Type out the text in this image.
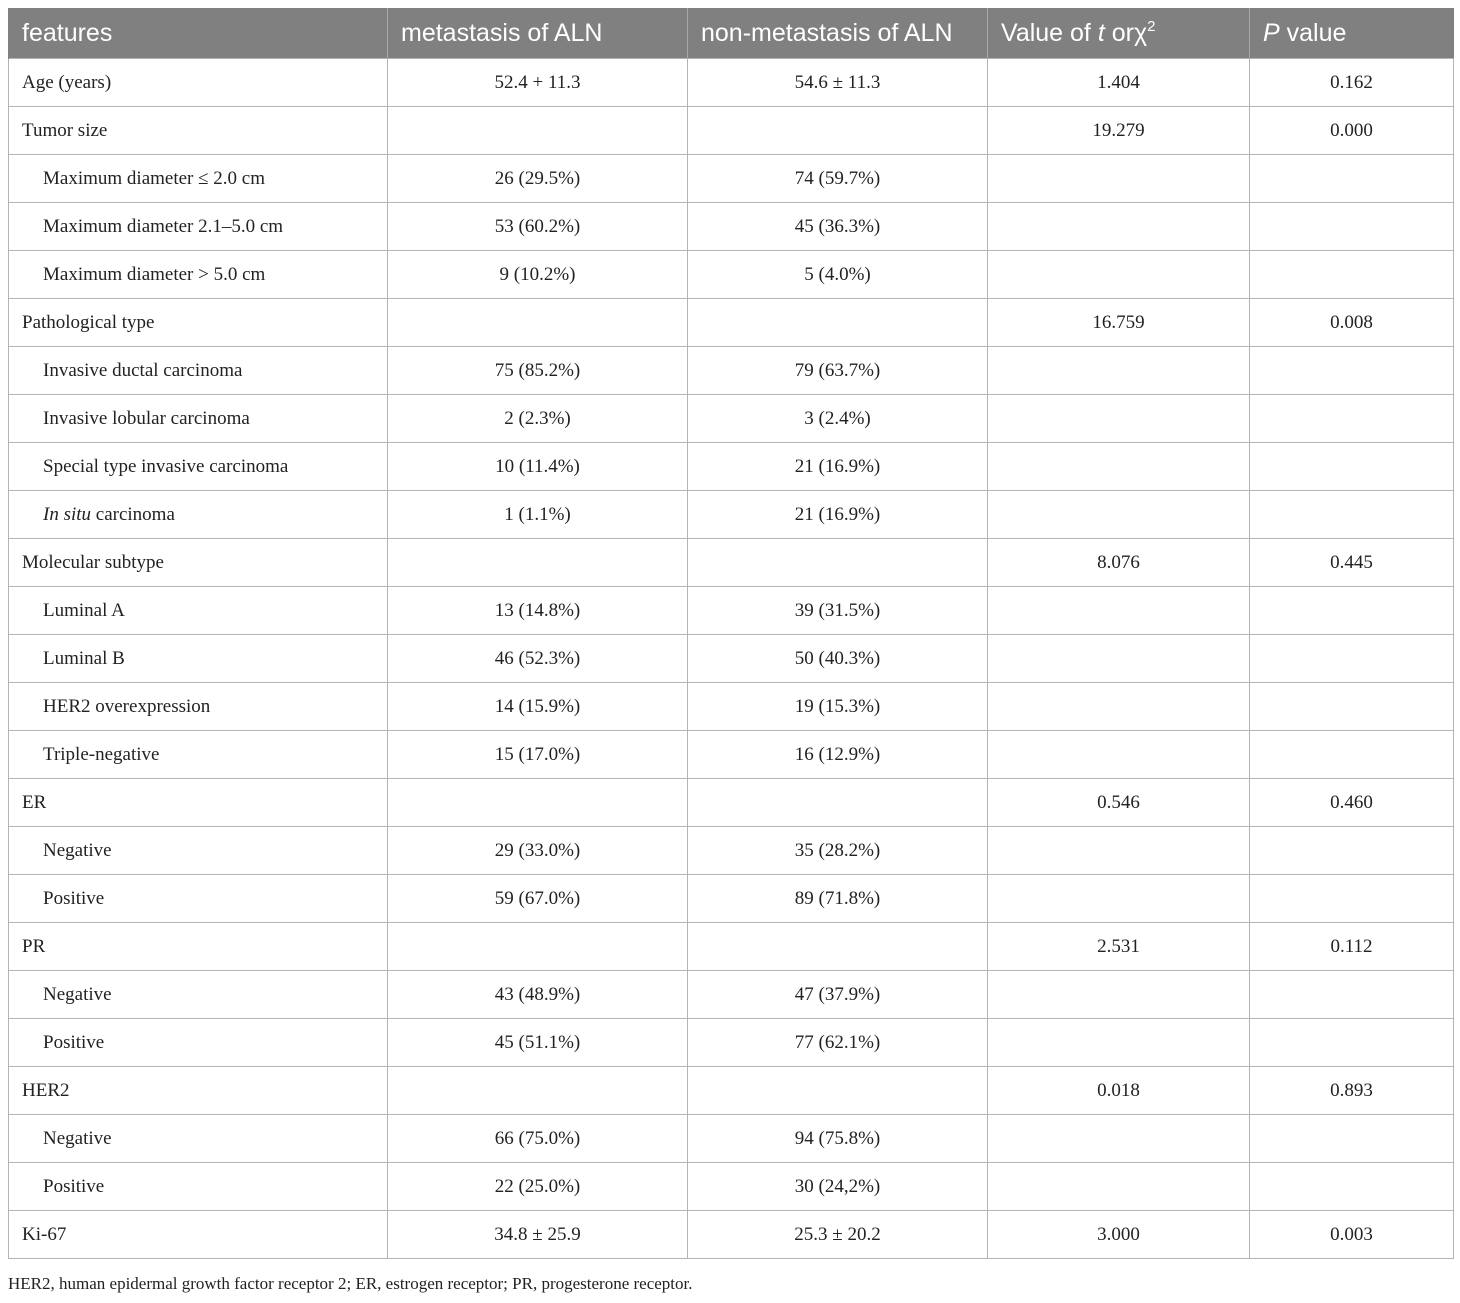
features	metastasis of ALN	non-metastasis of ALN	Value of t orχ$^2$	P value
Age (years)	52.4 + 11.3	54.6 ± 11.3	1.404	0.162
Tumor size			19.279	0.000
Maximum diameter ≤ 2.0 cm	26 (29.5%)	74 (59.7%)		
Maximum diameter 2.1–5.0 cm	53 (60.2%)	45 (36.3%)		
Maximum diameter > 5.0 cm	9 (10.2%)	5 (4.0%)		
Pathological type			16.759	0.008
Invasive ductal carcinoma	75 (85.2%)	79 (63.7%)		
Invasive lobular carcinoma	2 (2.3%)	3 (2.4%)		
Special type invasive carcinoma	10 (11.4%)	21 (16.9%)		
In situ carcinoma	1 (1.1%)	21 (16.9%)		
Molecular subtype			8.076	0.445
Luminal A	13 (14.8%)	39 (31.5%)		
Luminal B	46 (52.3%)	50 (40.3%)		
HER2 overexpression	14 (15.9%)	19 (15.3%)		
Triple-negative	15 (17.0%)	16 (12.9%)		
ER			0.546	0.460
Negative	29 (33.0%)	35 (28.2%)		
Positive	59 (67.0%)	89 (71.8%)		
PR			2.531	0.112
Negative	43 (48.9%)	47 (37.9%)		
Positive	45 (51.1%)	77 (62.1%)		
HER2			0.018	0.893
Negative	66 (75.0%)	94 (75.8%)		
Positive	22 (25.0%)	30 (24,2%)		
Ki-67	34.8 ± 25.9	25.3 ± 20.2	3.000	0.003
HER2, human epidermal growth factor receptor 2; ER, estrogen receptor; PR, progesterone receptor.
